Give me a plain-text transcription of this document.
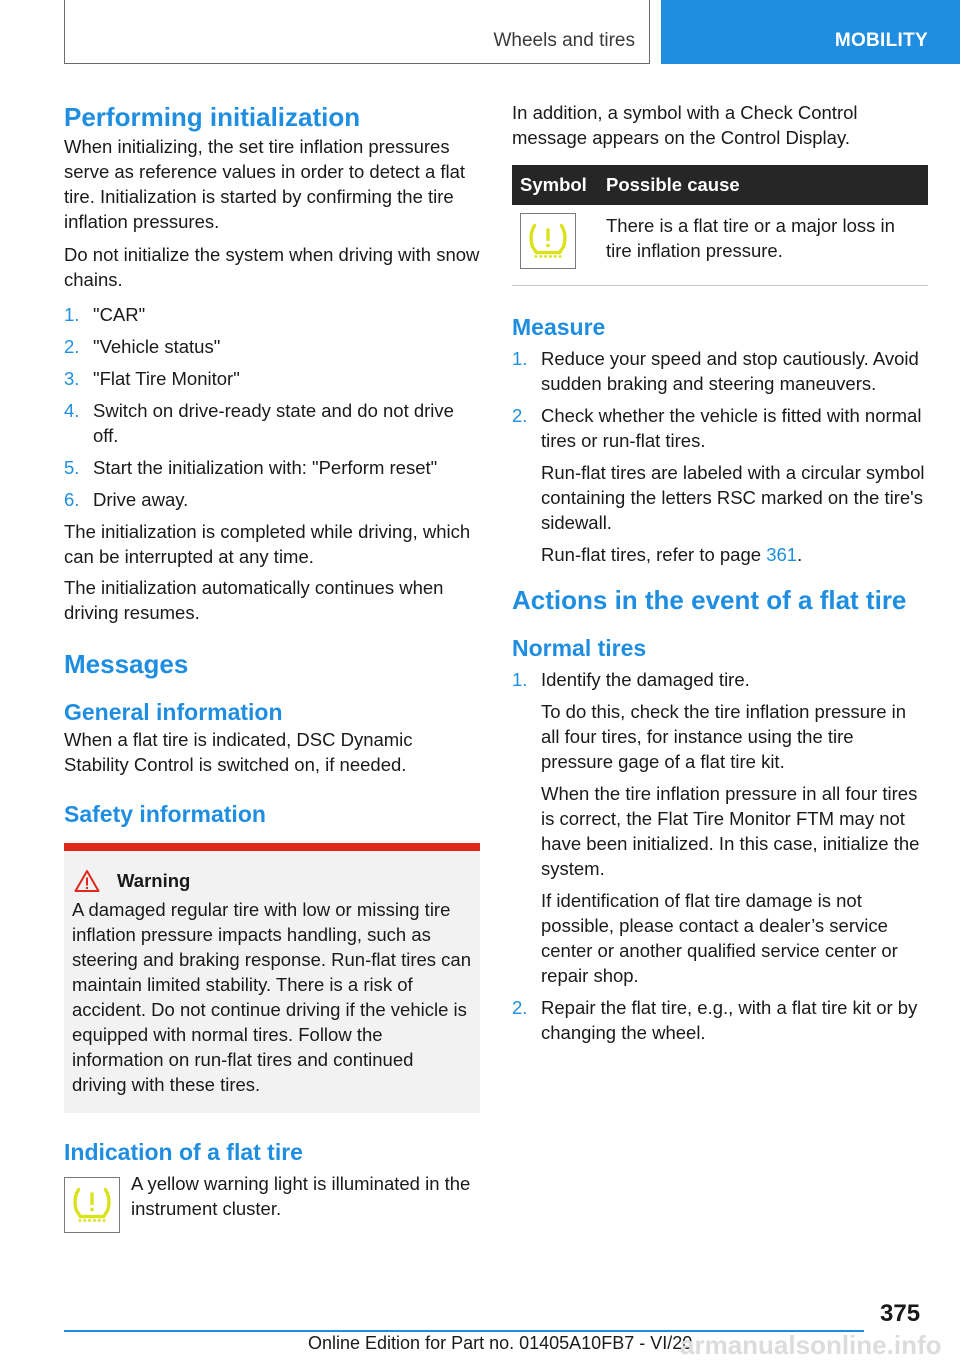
Wheels and tires	MOBILITY
Performing initialization

When initializing, the set tire inflation pressures serve as reference values in order to detect a flat tire. Initialization is started by confirming the tire inflation pressures.

Do not initialize the system when driving with snow chains.

1. "CAR"
2. "Vehicle status"
3. "Flat Tire Monitor"
4. Switch on drive-ready state and do not drive off.
5. Start the initialization with: "Perform reset"
6. Drive away.

The initialization is completed while driving, which can be interrupted at any time.

The initialization automatically continues when driving resumes.

Messages
General information

When a flat tire is indicated, DSC Dynamic Stability Control is switched on, if needed.

Safety information
Warning

A damaged regular tire with low or missing tire inflation pressure impacts handling, such as steering and braking response. Run-flat tires can maintain limited stability. There is a risk of accident. Do not continue driving if the vehicle is equipped with normal tires. Follow the information on run-flat tires and continued driving with these tires.

Indication of a flat tire

A yellow warning light is illuminated in the instrument cluster.

In addition, a symbol with a Check Control message appears on the Control Display.

Symbol	Possible cause

	There is a flat tire or a major loss in tire inflation pressure.
Measure
1. Reduce your speed and stop cautiously. Avoid sudden braking and steering maneuvers.
2. Check whether the vehicle is fitted with normal tires or run-flat tires.

Run-flat tires are labeled with a circular symbol containing the letters RSC marked on the tire's sidewall.

Run-flat tires, refer to page 361.

Actions in the event of a flat tire
Normal tires
1. Identify the damaged tire.

To do this, check the tire inflation pressure in all four tires, for instance using the tire pressure gage of a flat tire kit.

When the tire inflation pressure in all four tires is correct, the Flat Tire Monitor FTM may not have been initialized. In this case, initialize the system.

If identification of flat tire damage is not possible, please contact a dealer’s service center or another qualified service center or repair shop.

2. Repair the flat tire, e.g., with a flat tire kit or by changing the wheel.
375
Online Edition for Part no. 01405A10FB7 - VI/20
armanualsonline.info
